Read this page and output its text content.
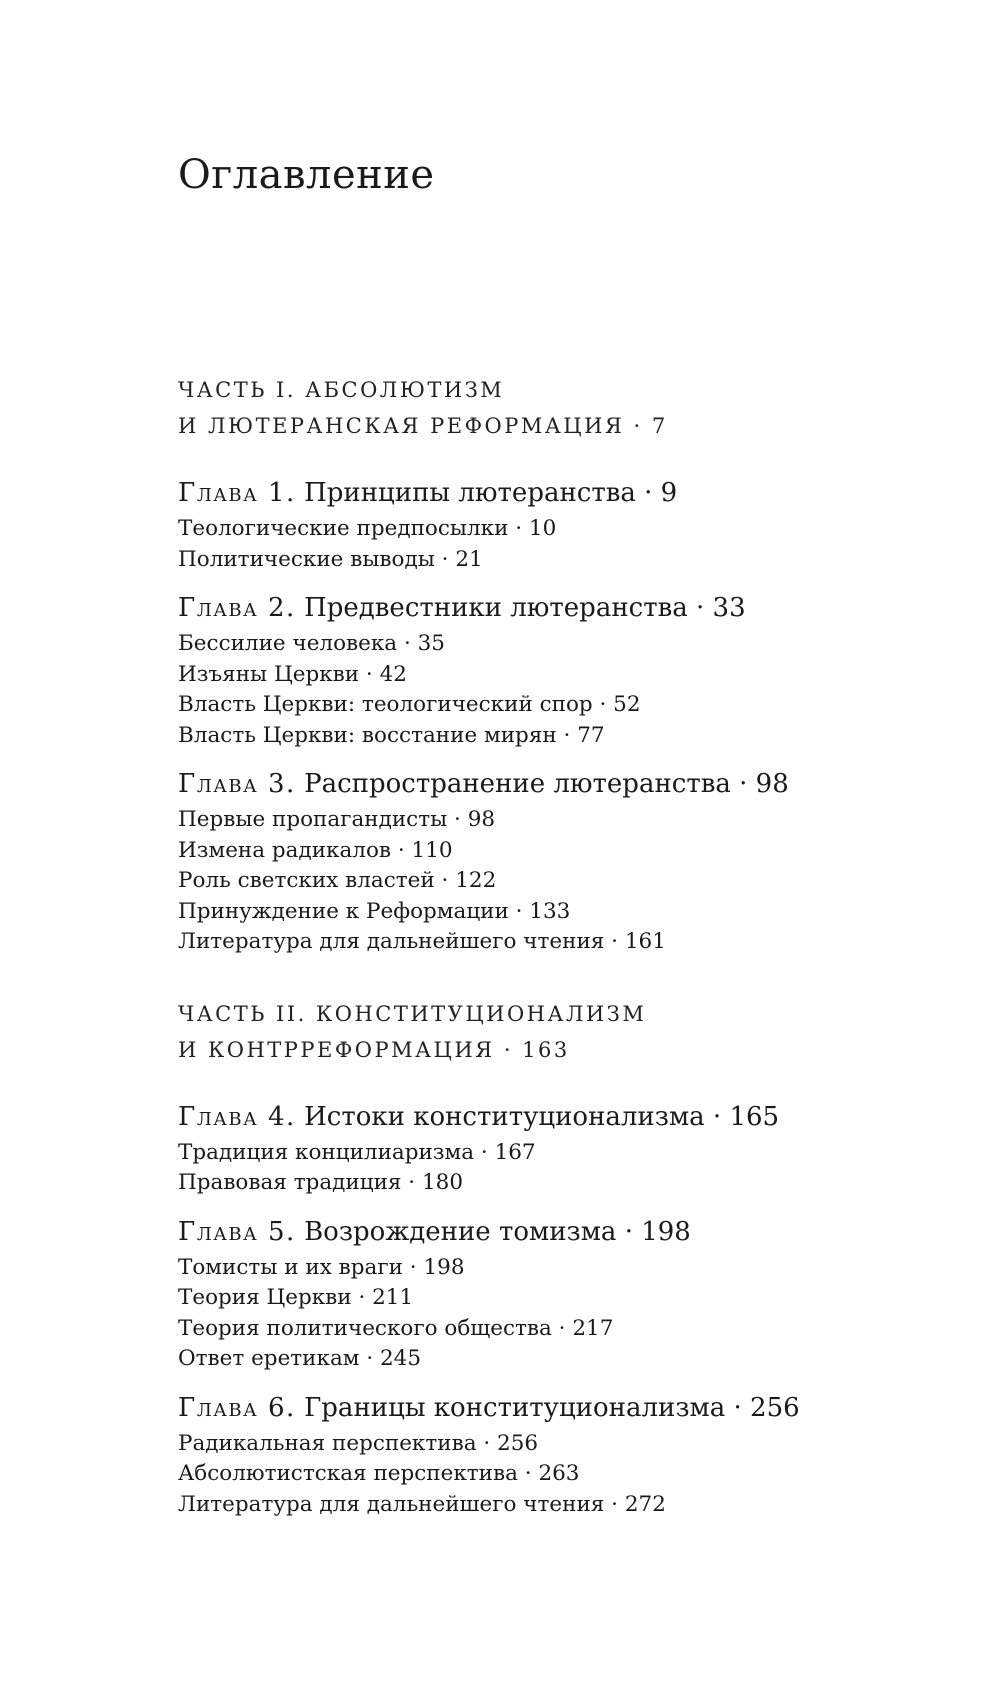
Оглавление
ЧАСТЬ I. АБСОЛЮТИЗМ
И ЛЮТЕРАНСКАЯ РЕФОРМАЦИЯ · 7

Глава 1. Принципы лютеранства · 9

Теологические предпосылки · 10

Политические выводы · 21

Глава 2. Предвестники лютеранства · 33

Бессилие человека · 35

Изъяны Церкви · 42

Власть Церкви: теологический спор · 52

Власть Церкви: восстание мирян · 77

Глава 3. Распространение лютеранства · 98

Первые пропагандисты · 98

Измена радикалов · 110

Роль светских властей · 122

Принуждение к Реформации · 133

Литература для дальнейшего чтения · 161

ЧАСТЬ II. КОНСТИТУЦИОНАЛИЗМ
И КОНТРРЕФОРМАЦИЯ · 163

Глава 4. Истоки конституционализма · 165

Традиция концилиаризма · 167

Правовая традиция · 180

Глава 5. Возрождение томизма · 198

Томисты и их враги · 198

Теория Церкви · 211

Теория политического общества · 217

Ответ еретикам · 245

Глава 6. Границы конституционализма · 256

Радикальная перспектива · 256

Абсолютистская перспектива · 263

Литература для дальнейшего чтения · 272
